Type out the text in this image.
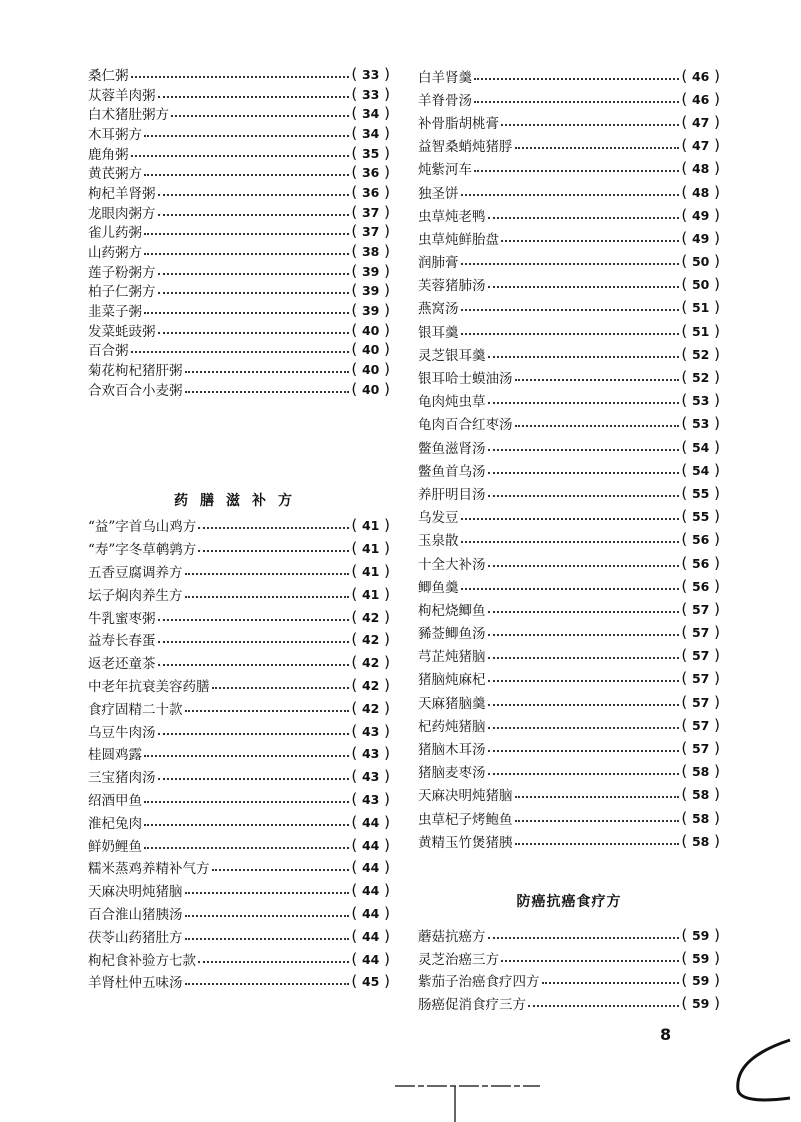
桑仁粥	( 33 )
苁蓉羊肉粥	( 33 )
白术猪肚粥方	( 34 )
木耳粥方	( 34 )
鹿角粥	( 35 )
黄芪粥方	( 36 )
枸杞羊肾粥	( 36 )
龙眼肉粥方	( 37 )
雀儿药粥	( 37 )
山药粥方	( 38 )
莲子粉粥方	( 39 )
柏子仁粥方	( 39 )
韭菜子粥	( 39 )
发菜蚝豉粥	( 40 )
百合粥	( 40 )
菊花枸杞猪肝粥	( 40 )
合欢百合小麦粥	( 40 )
药膳滋补方
“益”字首乌山鸡方	( 41 )
“寿”字冬草鹌鹑方	( 41 )
五香豆腐调养方	( 41 )
坛子焖肉养生方	( 41 )
牛乳蜜枣粥	( 42 )
益寿长春蛋	( 42 )
返老还童茶	( 42 )
中老年抗衰美容药膳	( 42 )
食疗固精二十款	( 42 )
乌豆牛肉汤	( 43 )
桂圆鸡露	( 43 )
三宝猪肉汤	( 43 )
绍酒甲鱼	( 43 )
淮杞兔肉	( 44 )
鲜奶鲤鱼	( 44 )
糯米蒸鸡养精补气方	( 44 )
天麻决明炖猪脑	( 44 )
百合淮山猪胰汤	( 44 )
茯苓山药猪肚方	( 44 )
枸杞食补验方七款	( 44 )
羊肾杜仲五味汤	( 45 )
白羊肾羹	( 46 )
羊脊骨汤	( 46 )
补骨脂胡桃膏	( 47 )
益智桑蛸炖猪脬	( 47 )
炖紫河车	( 48 )
独圣饼	( 48 )
虫草炖老鸭	( 49 )
虫草炖鲜胎盘	( 49 )
润肺膏	( 50 )
芙蓉猪肺汤	( 50 )
燕窝汤	( 51 )
银耳羹	( 51 )
灵芝银耳羹	( 52 )
银耳哈士蟆油汤	( 52 )
龟肉炖虫草	( 53 )
龟肉百合红枣汤	( 53 )
鳖鱼滋肾汤	( 54 )
鳖鱼首乌汤	( 54 )
养肝明目汤	( 55 )
乌发豆	( 55 )
玉泉散	( 56 )
十全大补汤	( 56 )
鲫鱼羹	( 56 )
枸杞烧鲫鱼	( 57 )
豨莶鲫鱼汤	( 57 )
芎芷炖猪脑	( 57 )
猪脑炖麻杞	( 57 )
天麻猪脑羹	( 57 )
杞药炖猪脑	( 57 )
猪脑木耳汤	( 57 )
猪脑麦枣汤	( 58 )
天麻决明炖猪脑	( 58 )
虫草杞子烤鲍鱼	( 58 )
黄精玉竹煲猪胰	( 58 )
防癌抗癌食疗方
蘑菇抗癌方	( 59 )
灵芝治癌三方	( 59 )
紫茄子治癌食疗四方	( 59 )
肠癌促消食疗三方	( 59 )
8
